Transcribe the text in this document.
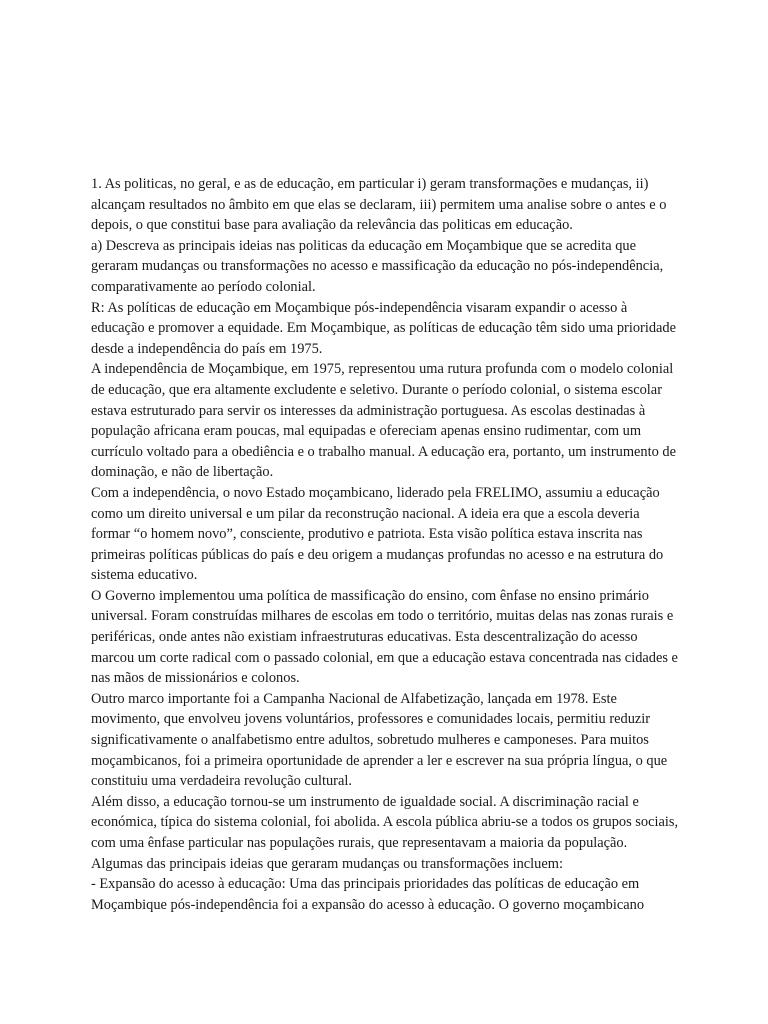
1. As politicas, no geral, e as de educação, em particular i) geram transformações e mudanças, ii) alcançam resultados no âmbito em que elas se declaram, iii) permitem uma analise sobre o antes e o depois, o que constitui base para avaliação da relevância das politicas em educação.

a) Descreva as principais ideias nas politicas da educação em Moçambique que se acredita que geraram mudanças ou transformações no acesso e massificação da educação no pós-independência, comparativamente ao período colonial.

R: As políticas de educação em Moçambique pós-independência visaram expandir o acesso à educação e promover a equidade. Em Moçambique, as políticas de educação têm sido uma prioridade desde a independência do país em 1975.

A independência de Moçambique, em 1975, representou uma rutura profunda com o modelo colonial de educação, que era altamente excludente e seletivo. Durante o período colonial, o sistema escolar estava estruturado para servir os interesses da administração portuguesa. As escolas destinadas à população africana eram poucas, mal equipadas e ofereciam apenas ensino rudimentar, com um currículo voltado para a obediência e o trabalho manual. A educação era, portanto, um instrumento de dominação, e não de libertação.

Com a independência, o novo Estado moçambicano, liderado pela FRELIMO, assumiu a educação como um direito universal e um pilar da reconstrução nacional. A ideia era que a escola deveria formar “o homem novo”, consciente, produtivo e patriota. Esta visão política estava inscrita nas primeiras políticas públicas do país e deu origem a mudanças profundas no acesso e na estrutura do sistema educativo.

O Governo implementou uma política de massificação do ensino, com ênfase no ensino primário universal. Foram construídas milhares de escolas em todo o território, muitas delas nas zonas rurais e periféricas, onde antes não existiam infraestruturas educativas. Esta descentralização do acesso marcou um corte radical com o passado colonial, em que a educação estava concentrada nas cidades e nas mãos de missionários e colonos.

Outro marco importante foi a Campanha Nacional de Alfabetização, lançada em 1978. Este movimento, que envolveu jovens voluntários, professores e comunidades locais, permitiu reduzir significativamente o analfabetismo entre adultos, sobretudo mulheres e camponeses. Para muitos moçambicanos, foi a primeira oportunidade de aprender a ler e escrever na sua própria língua, o que constituiu uma verdadeira revolução cultural.

Além disso, a educação tornou-se um instrumento de igualdade social. A discriminação racial e económica, típica do sistema colonial, foi abolida. A escola pública abriu-se a todos os grupos sociais, com uma ênfase particular nas populações rurais, que representavam a maioria da população.

Algumas das principais ideias que geraram mudanças ou transformações incluem:

- Expansão do acesso à educação: Uma das principais prioridades das políticas de educação em Moçambique pós-independência foi a expansão do acesso à educação. O governo moçambicano
